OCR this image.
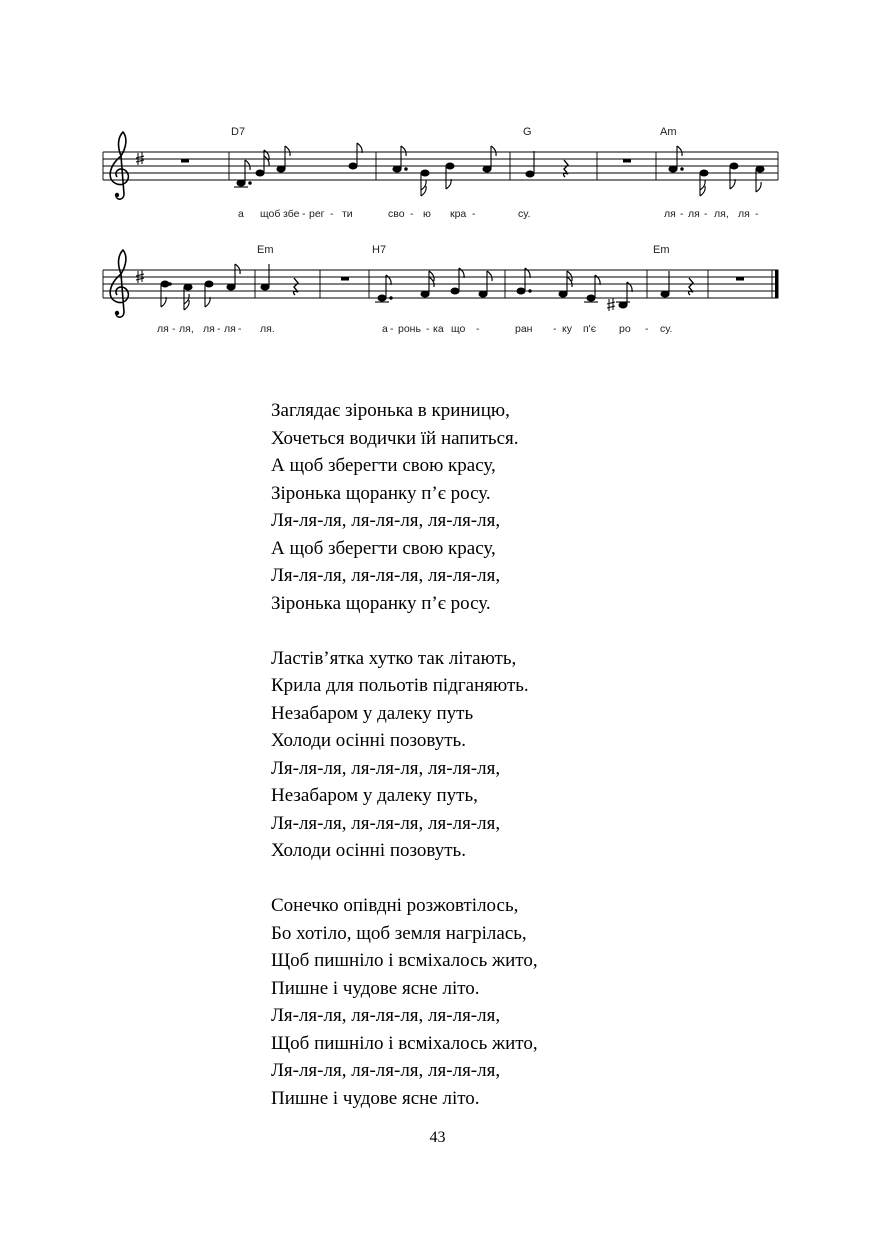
D7	G	Am
а щоб збе - рег - ти	сво - ю кра -	су.	ля - ля - ля, ля -
Em	H7	Em
ля - ля, ля - ля - ля.	а - ронь - ка що -	ран - ку п'є ро - су.
Заглядає зіронька в криницю,
Хочеться водички їй напиться.
А щоб зберегти свою красу,
Зіронька щоранку п’є росу.
Ля-ля-ля, ля-ля-ля, ля-ля-ля,
А щоб зберегти свою красу,
Ля-ля-ля, ля-ля-ля, ля-ля-ля,
Зіронька щоранку п’є росу.
Ластів’ятка хутко так літають,
Крила для польотів підганяють.
Незабаром у далеку путь
Холоди осінні позовуть.
Ля-ля-ля, ля-ля-ля, ля-ля-ля,
Незабаром у далеку путь,
Ля-ля-ля, ля-ля-ля, ля-ля-ля,
Холоди осінні позовуть.
Сонечко опівдні розжовтілось,
Бо хотіло, щоб земля нагрілась,
Щоб пишніло і всміхалось жито,
Пишне і чудове ясне літо.
Ля-ля-ля, ля-ля-ля, ля-ля-ля,
Щоб пишніло і всміхалось жито,
Ля-ля-ля, ля-ля-ля, ля-ля-ля,
Пишне і чудове ясне літо.
43
